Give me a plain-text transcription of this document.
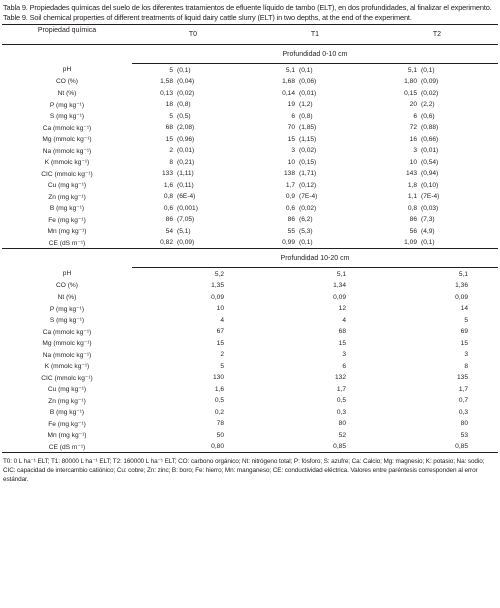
Tabla 9. Propiedades químicas del suelo de los diferentes tratamientos de efluente líquido de tambo (ELT), en dos profundidades, al finalizar el experimento.

Table 9. Soil chemical properties of different treatments of liquid dairy cattle slurry (ELT) in two depths, at the end of the experiment.

Propiedad química	T0	T1	T2
	Profundidad 0-10 cm		
pH	5 (0,1)	5,1 (0,1)	5,1 (0,1)

CO (%)	1,58 (0,04)	1,68 (0,06)	1,80 (0,09)

Nt (%)	0,13 (0,02)	0,14 (0,01)	0,15 (0,02)

P (mg kg⁻¹)	18 (0,8)	19 (1,2)	20 (2,2)

S (mg kg⁻¹)	5 (0,5)	6 (0,8)	6 (0,6)

Ca (mmolc kg⁻¹)	68 (2,08)	70 (1,85)	72 (0,88)

Mg (mmolc kg⁻¹)	15 (0,96)	15 (1,15)	16 (0,66)

Na (mmolc kg⁻¹)	2 (0,01)	3 (0,02)	3 (0,01)

K (mmolc kg⁻¹)	8 (0,21)	10 (0,15)	10 (0,54)

CIC (mmolc kg⁻¹)	133 (1,11)	138 (1,71)	143 (0,94)

Cu (mg kg⁻¹)	1,6 (0,11)	1,7 (0,12)	1,8 (0,10)

Zn (mg kg⁻¹)	0,8 (6E-4)	0,9 (7E-4)	1,1 (7E-4)

B (mg kg⁻¹)	0,6 (0,001)	0,6 (0,02)	0,8 (0,03)

Fe (mg kg⁻¹)	86 (7,05)	86 (6,2)	86 (7,3)

Mn (mg kg⁻¹)	54 (5,1)	55 (5,3)	56 (4,9)

CE (dS m⁻¹)	0,82 (0,09)	0,99 (0,1)	1,09 (0,1)

	Profundidad 10-20 cm		
pH	5,2	5,1	5,1

CO (%)	1,35	1,34	1,36

Nt (%)	0,09	0,09	0,09

P (mg kg⁻¹)	10	12	14

S (mg kg⁻¹)	4	4	5

Ca (mmolc kg⁻¹)	67	68	69

Mg (mmolc kg⁻¹)	15	15	15

Na (mmolc kg⁻¹)	2	3	3

K (mmolc kg⁻¹)	5	6	8

CIC (mmolc kg⁻¹)	130	132	135

Cu (mg kg⁻¹)	1,6	1,7	1,7

Zn (mg kg⁻¹)	0,5	0,5	0,7

B (mg kg⁻¹)	0,2	0,3	0,3

Fe (mg kg⁻¹)	78	80	80

Mn (mg kg⁻¹)	50	52	53

CE (dS m⁻¹)	0,80	0,85	0,85

T0: 0 L ha⁻¹ ELT; T1: 80000 L ha⁻¹ ELT; T2: 160000 L ha⁻¹ ELT; CO: carbono orgánico; Nt: nitrógeno total; P: fósforo; S: azufre; Ca: Calcio; Mg: magnesio; K: potasio; Na: sodio; CIC: capacidad de intercambio catiónico; Cu: cobre; Zn: zinc; B: boro; Fe: hierro; Mn: manganeso; CE: conductividad eléctrica. Valores entre paréntesis corresponden al error estándar.
